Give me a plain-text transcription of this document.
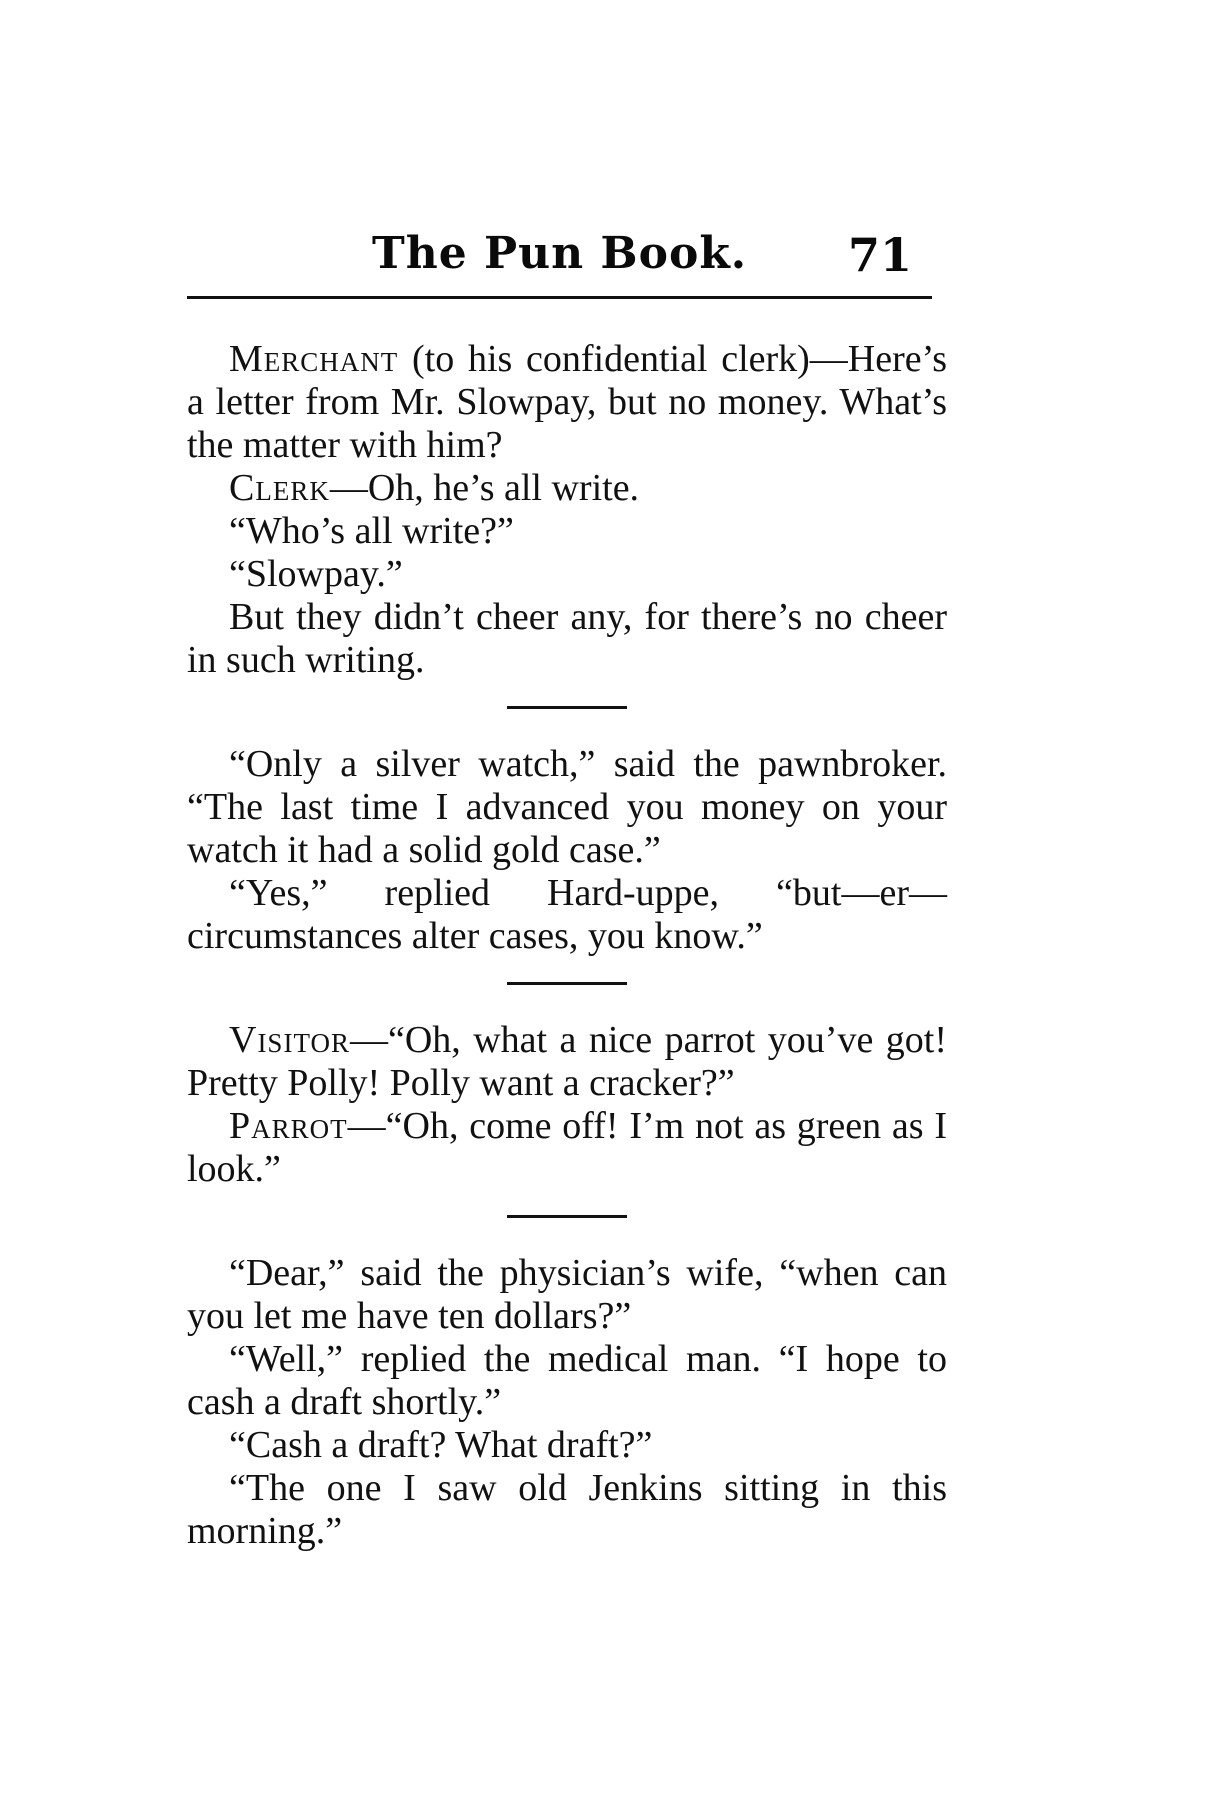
The Pun Book. 71

Merchant (to his confidential clerk)—Here’s a letter from Mr. Slowpay, but no money. What’s the matter with him?

Clerk—Oh, he’s all write.

“Who’s all write?”

“Slowpay.”

But they didn’t cheer any, for there’s no cheer in such writing.

“Only a silver watch,” said the pawnbroker. “The last time I advanced you money on your watch it had a solid gold case.”

“Yes,” replied Hard-uppe, “but—er—circumstances alter cases, you know.”

Visitor—“Oh, what a nice parrot you’ve got! Pretty Polly! Polly want a cracker?”

Parrot—“Oh, come off! I’m not as green as I look.”

“Dear,” said the physician’s wife, “when can you let me have ten dollars?”

“Well,” replied the medical man. “I hope to cash a draft shortly.”

“Cash a draft? What draft?”

“The one I saw old Jenkins sitting in this morning.”
